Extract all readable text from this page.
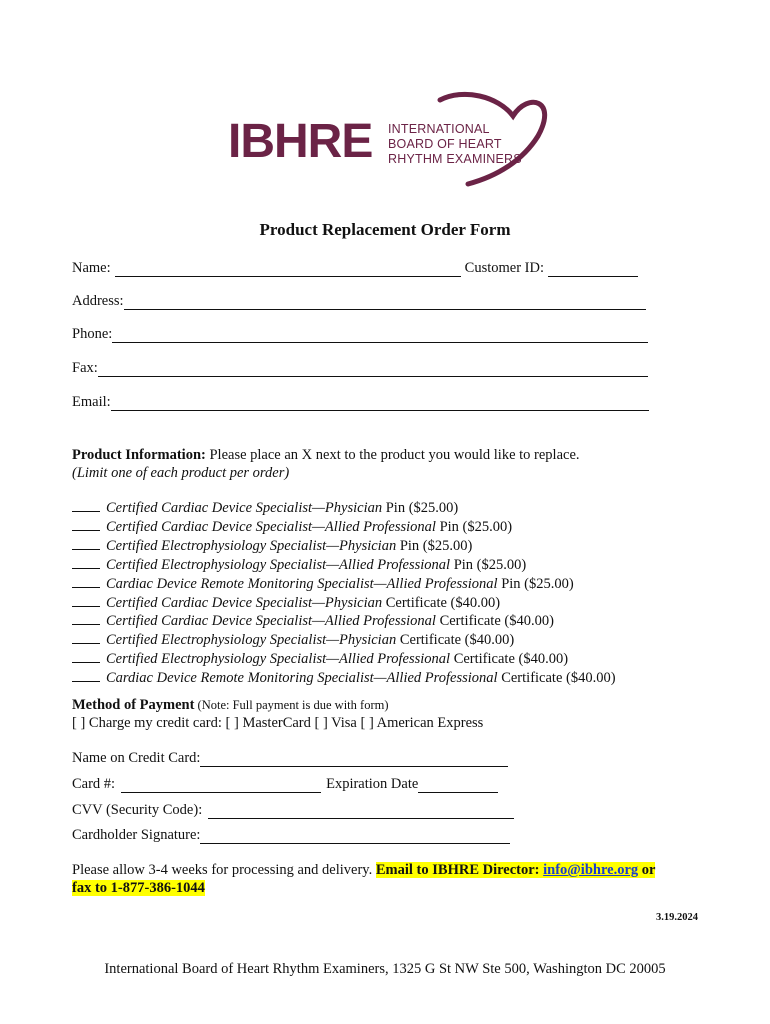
IBHRE INTERNATIONAL
BOARD OF HEART
RHYTHM EXAMINERS
Product Replacement Order Form
Name:	Customer ID:
Address:
Phone:
Fax:
Email:
Product Information: Please place an X next to the product you would like to replace.
(Limit one of each product per order)
Certified Cardiac Device Specialist—Physician Pin ($25.00)
Certified Cardiac Device Specialist—Allied Professional Pin ($25.00)
Certified Electrophysiology Specialist—Physician Pin ($25.00)
Certified Electrophysiology Specialist—Allied Professional Pin ($25.00)
Cardiac Device Remote Monitoring Specialist—Allied Professional Pin ($25.00)
Certified Cardiac Device Specialist—Physician Certificate ($40.00)
Certified Cardiac Device Specialist—Allied Professional Certificate ($40.00)
Certified Electrophysiology Specialist—Physician Certificate ($40.00)
Certified Electrophysiology Specialist—Allied Professional Certificate ($40.00)
Cardiac Device Remote Monitoring Specialist—Allied Professional Certificate ($40.00)
Method of Payment (Note: Full payment is due with form)
[ ] Charge my credit card: [ ] MasterCard [ ] Visa [ ] American Express
Name on Credit Card:
Card #:	Expiration Date
CVV (Security Code):
Cardholder Signature:
Please allow 3-4 weeks for processing and delivery. Email to IBHRE Director: info@ibhre.org or
fax to 1-877-386-1044
3.19.2024
International Board of Heart Rhythm Examiners, 1325 G St NW Ste 500, Washington DC 20005
